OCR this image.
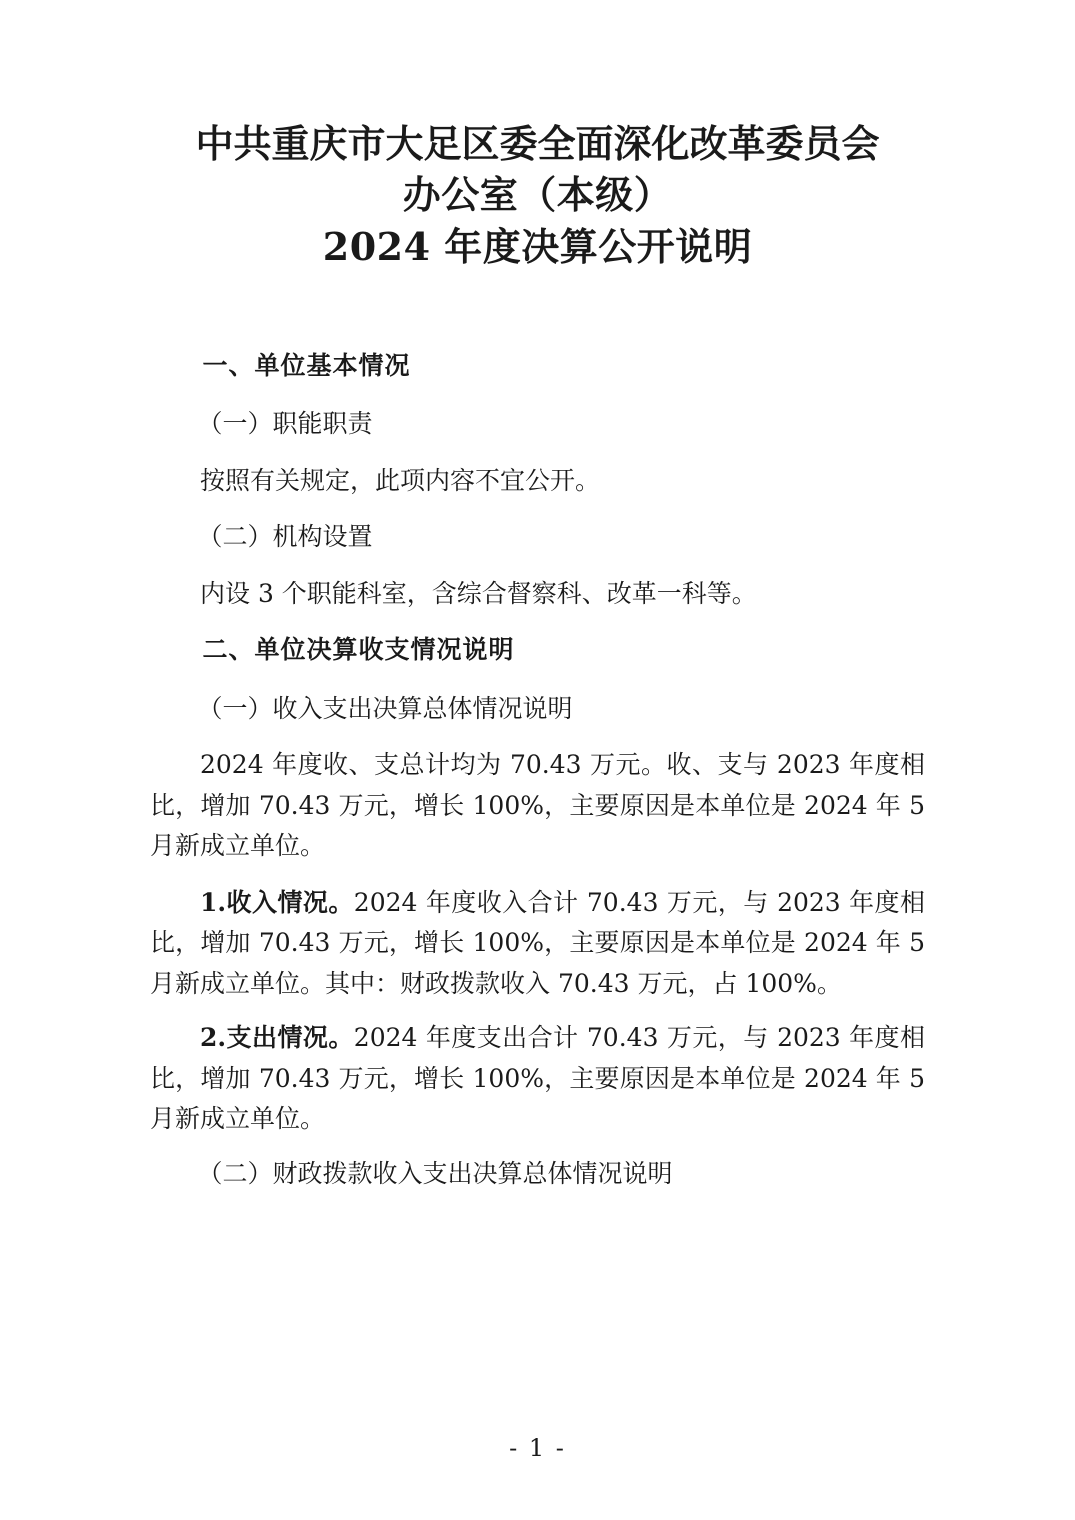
中共重庆市大足区委全面深化改革委员会
办公室（本级）
2024 年度决算公开说明

一、单位基本情况

（一）职能职责

按照有关规定，此项内容不宜公开。

（二）机构设置

内设 3 个职能科室，含综合督察科、改革一科等。

二、单位决算收支情况说明

（一）收入支出决算总体情况说明

2024 年度收、支总计均为 70.43 万元。收、支与 2023 年度相比，增加 70.43 万元，增长 100%，主要原因是本单位是 2024 年 5 月新成立单位。

1.收入情况。2024 年度收入合计 70.43 万元，与 2023 年度相比，增加 70.43 万元，增长 100%，主要原因是本单位是 2024 年 5 月新成立单位。其中：财政拨款收入 70.43 万元，占 100%。

2.支出情况。2024 年度支出合计 70.43 万元，与 2023 年度相比，增加 70.43 万元，增长 100%，主要原因是本单位是 2024 年 5 月新成立单位。

（二）财政拨款收入支出决算总体情况说明

- 1 -
